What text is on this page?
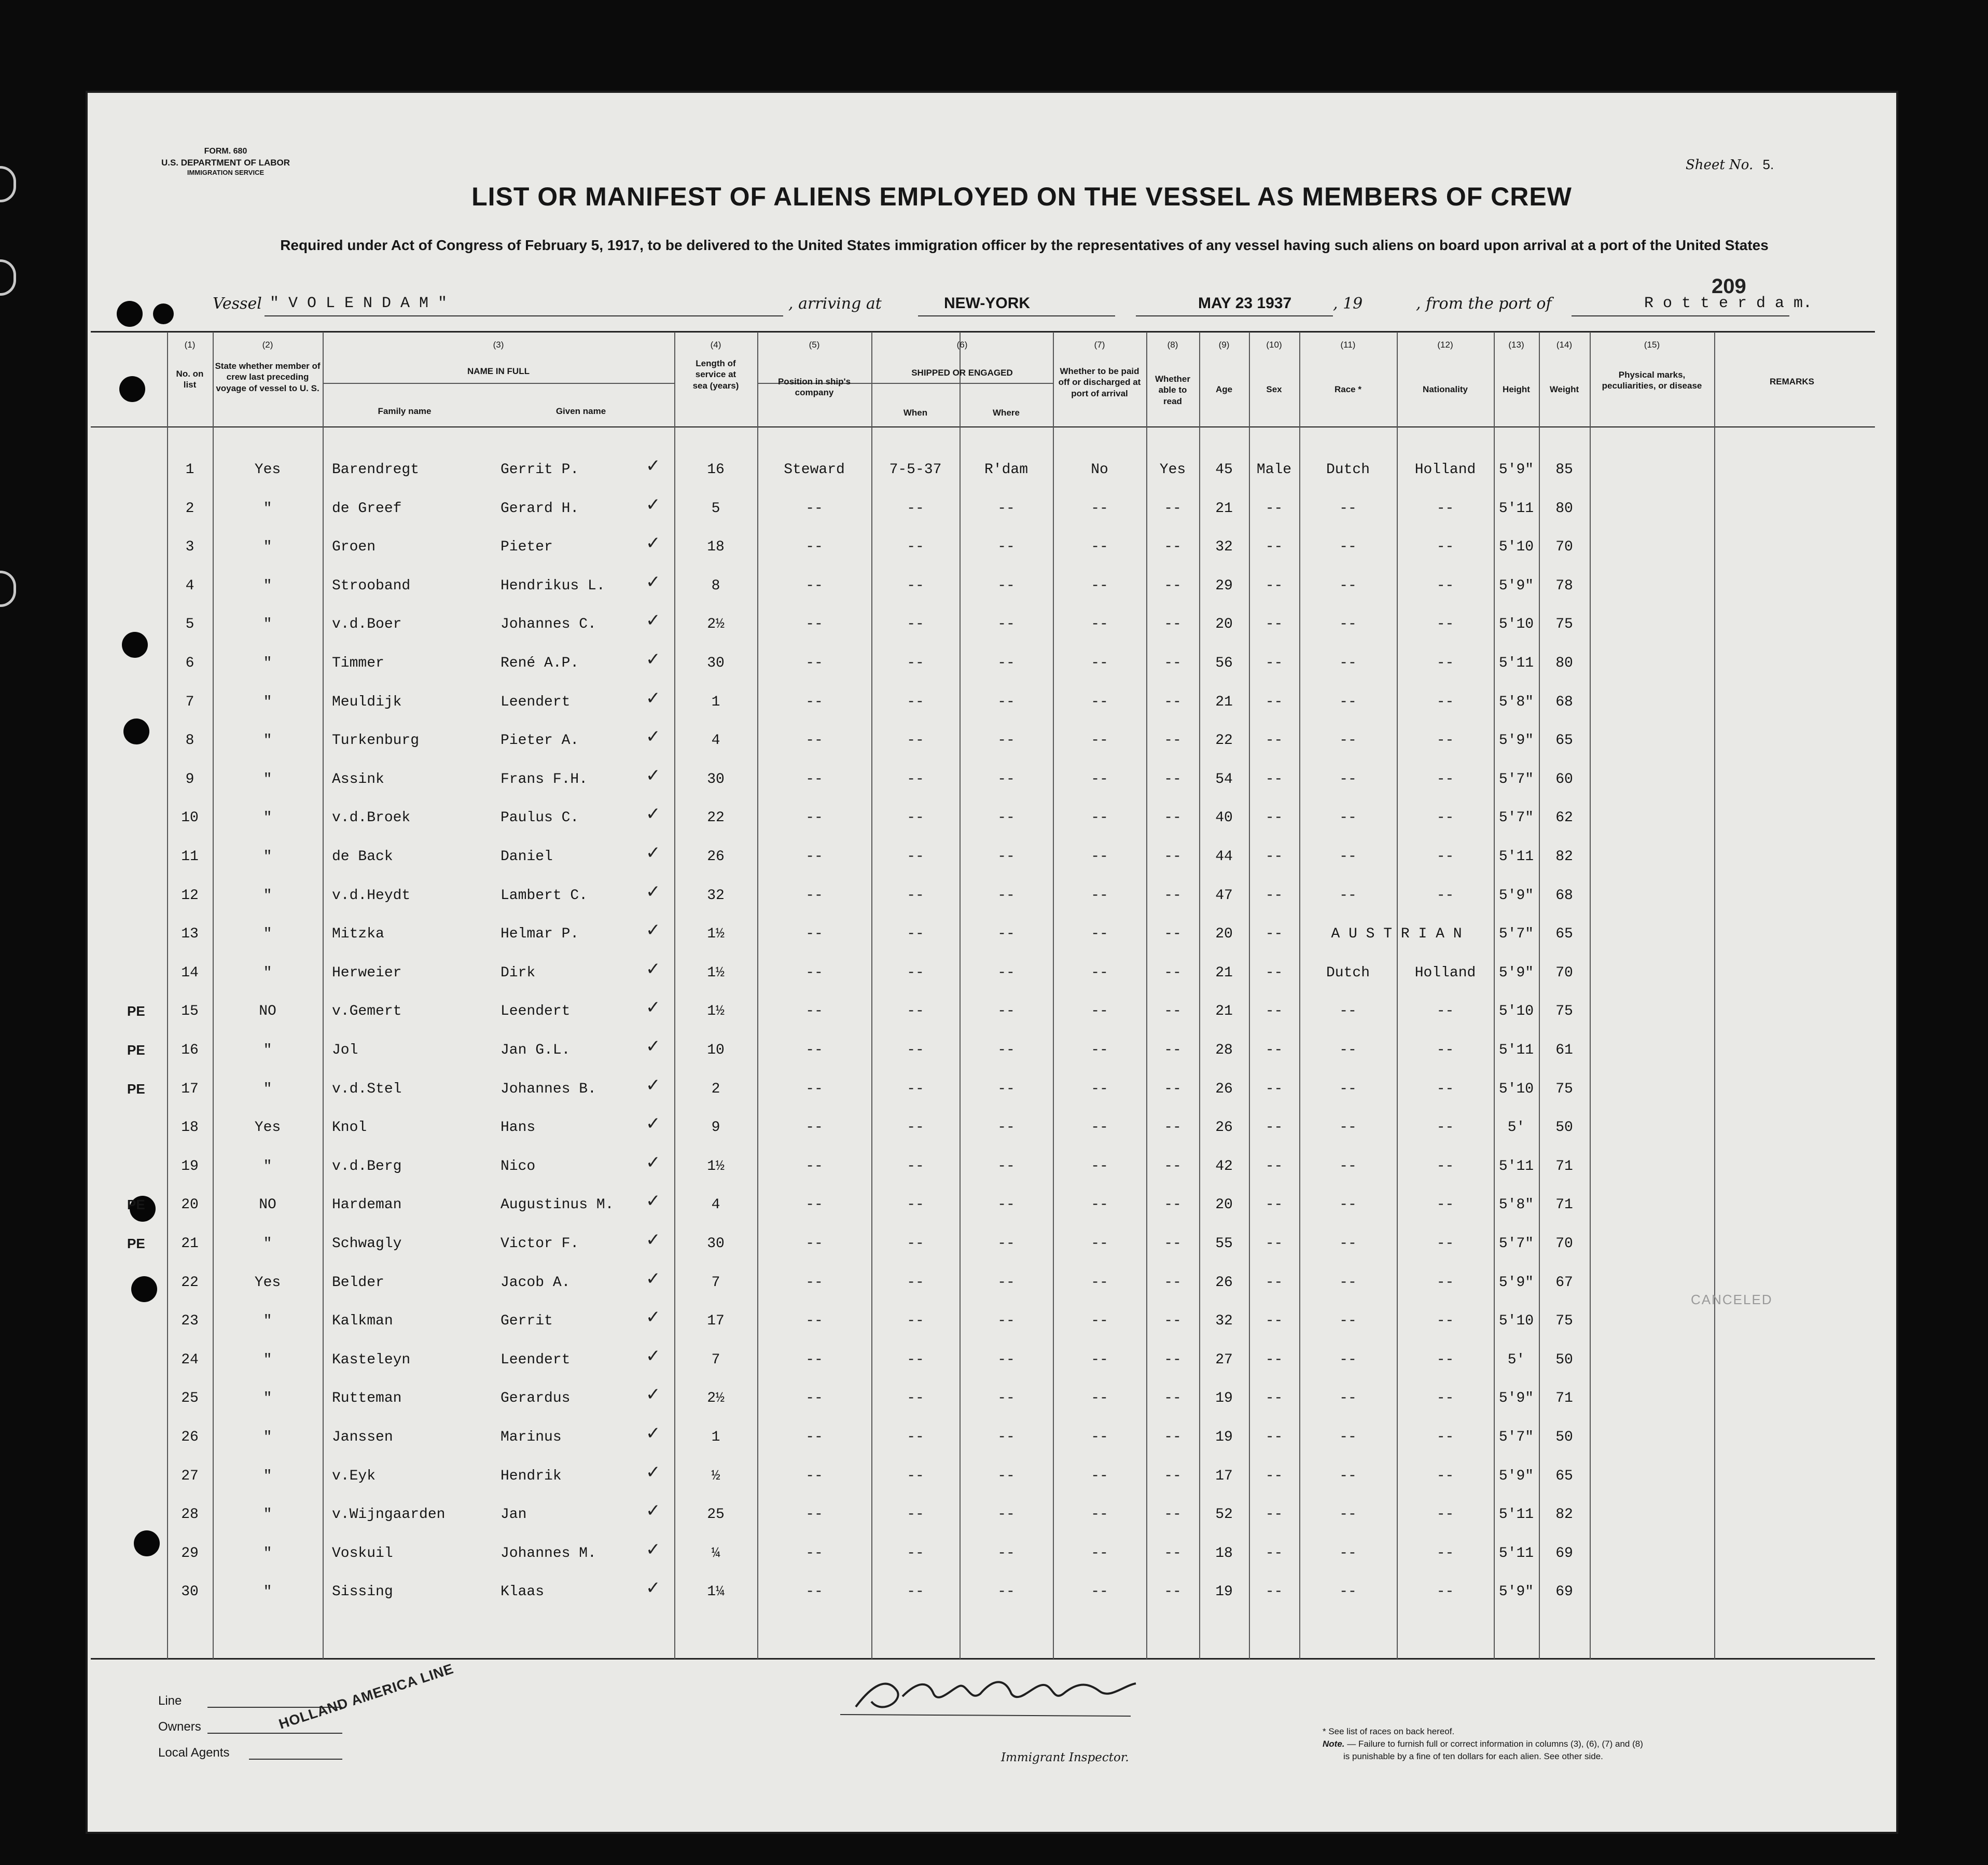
FORM. 680
U.S. DEPARTMENT OF LABOR
IMMIGRATION SERVICE	Sheet No. 5.
LIST OR MANIFEST OF ALIENS EMPLOYED ON THE VESSEL AS MEMBERS OF CREW
Required under Act of Congress of February 5, 1917, to be delivered to the United States immigration officer by the representatives of any vessel having such aliens on board upon arrival at a port of the United States
Vessel " V O L E N D A M "	, arriving at	NEW-YORK	MAY 23 1937	, 19	, from the port of	R o t t e r d a m.
209
(1)	(2)	(3)	(4)	(5)	(6)	(7)	(8)	(9)	(10)	(11)	(12)	(13)	(14)	(15)
No. on list
State whether member of crew last preceding voyage of vessel to U. S.
NAME IN FULL
Family name	Given name
Length of service at sea (years)	Position in ship's company
SHIPPED OR ENGAGED
When	Where
Whether to be paid off or discharged at port of arrival
Whether able to read
Age	Sex	Race *	Nationality	Height	Weight
Physical marks, peculiarities, or disease	REMARKS
1	Yes	Barendregt	Gerrit P.	16	Steward	7-5-37	R'dam	No	Yes	45	Male	Dutch	Holland	5'9"	85
✓
2	"	de Greef	Gerard H.	5	--	--	--	--	--	21	--	--	--	5'11	80
✓
3	"	Groen	Pieter	18	--	--	--	--	--	32	--	--	--	5'10	70
✓
4	"	Strooband	Hendrikus L.	8	--	--	--	--	--	29	--	--	--	5'9"	78
✓
5	"	v.d.Boer	Johannes C.	2½	--	--	--	--	--	20	--	--	--	5'10	75
✓
6	"	Timmer	René A.P.	30	--	--	--	--	--	56	--	--	--	5'11	80
✓
7	"	Meuldijk	Leendert	1	--	--	--	--	--	21	--	--	--	5'8"	68
✓
8	"	Turkenburg	Pieter A.	4	--	--	--	--	--	22	--	--	--	5'9"	65
✓
9	"	Assink	Frans F.H.	30	--	--	--	--	--	54	--	--	--	5'7"	60
✓
10	"	v.d.Broek	Paulus C.	22	--	--	--	--	--	40	--	--	--	5'7"	62
✓
11	"	de Back	Daniel	26	--	--	--	--	--	44	--	--	--	5'11	82
✓
12	"	v.d.Heydt	Lambert C.	32	--	--	--	--	--	47	--	--	--	5'9"	68
✓
13	"	Mitzka	Helmar P.	1½	--	--	--	--	--	20	--	A U S T R I A N	5'7"	65
✓
14	"	Herweier	Dirk	1½	--	--	--	--	--	21	--	Dutch	Holland	5'9"	70
✓
15	NO	v.Gemert	Leendert	1½	--	--	--	--	--	21	--	--	--	5'10	75
✓
PE
16	"	Jol	Jan G.L.	10	--	--	--	--	--	28	--	--	--	5'11	61
✓
PE
17	"	v.d.Stel	Johannes B.	2	--	--	--	--	--	26	--	--	--	5'10	75
✓
PE
18	Yes	Knol	Hans	9	--	--	--	--	--	26	--	--	--	5'	50
✓
19	"	v.d.Berg	Nico	1½	--	--	--	--	--	42	--	--	--	5'11	71
✓
20	NO	Hardeman	Augustinus M.	4	--	--	--	--	--	20	--	--	--	5'8"	71
✓
PE
21	"	Schwagly	Victor F.	30	--	--	--	--	--	55	--	--	--	5'7"	70
✓
PE
22	Yes	Belder	Jacob A.	7	--	--	--	--	--	26	--	--	--	5'9"	67
✓
23	"	Kalkman	Gerrit	17	--	--	--	--	--	32	--	--	--	5'10	75
✓
24	"	Kasteleyn	Leendert	7	--	--	--	--	--	27	--	--	--	5'	50
✓
25	"	Rutteman	Gerardus	2½	--	--	--	--	--	19	--	--	--	5'9"	71
✓
26	"	Janssen	Marinus	1	--	--	--	--	--	19	--	--	--	5'7"	50
✓
27	"	v.Eyk	Hendrik	½	--	--	--	--	--	17	--	--	--	5'9"	65
✓
28	"	v.Wijngaarden	Jan	25	--	--	--	--	--	52	--	--	--	5'11	82
✓
29	"	Voskuil	Johannes M.	¼	--	--	--	--	--	18	--	--	--	5'11	69
✓
30	"	Sissing	Klaas	1¼	--	--	--	--	--	19	--	--	--	5'9"	69
✓
Line
Owners
Local Agents
HOLLAND AMERICA LINE
Immigrant Inspector.
* See list of races on back hereof.
Note. — Failure to furnish full or correct information in columns (3), (6), (7) and (8)
is punishable by a fine of ten dollars for each alien. See other side.
CANCELED
